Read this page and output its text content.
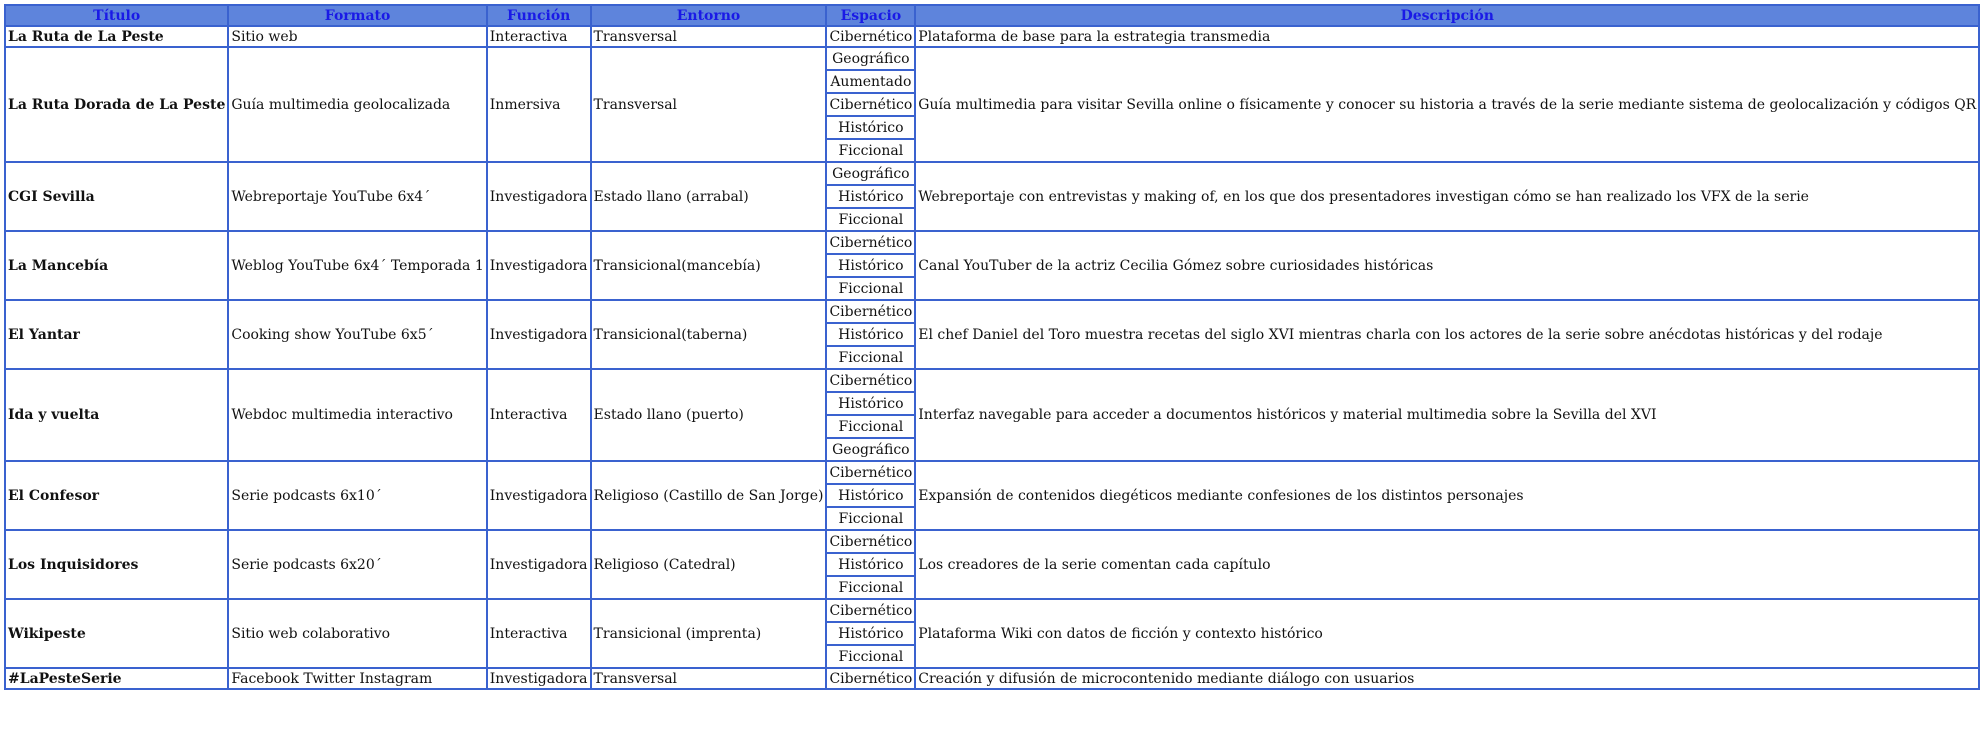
Título	Formato	Función	Entorno	Espacio	Descripción
La Ruta de La Peste	Sitio web	Interactiva	Transversal	Cibernético	Plataforma de base para la estrategia transmedia
La Ruta Dorada de La Peste	Guía multimedia geolocalizada	Inmersiva	Transversal	Geográfico	Guía multimedia para visitar Sevilla online o físicamente y conocer su historia a través de la serie mediante sistema de geolocalización y códigos QR
				Aumentado	
				Cibernético	
				Histórico	
				Ficcional	
CGI Sevilla	Webreportaje YouTube 6x4´	Investigadora	Estado llano (arrabal)	Geográfico	Webreportaje con entrevistas y making of, en los que dos presentadores investigan cómo se han realizado los VFX de la serie
				Histórico	
				Ficcional	
La Mancebía	Weblog YouTube 6x4´ Temporada 1	Investigadora	Transicional(mancebía)	Cibernético	Canal YouTuber de la actriz Cecilia Gómez sobre curiosidades históricas
				Histórico	
				Ficcional	
El Yantar	Cooking show YouTube 6x5´	Investigadora	Transicional(taberna)	Cibernético	El chef Daniel del Toro muestra recetas del siglo XVI mientras charla con los actores de la serie sobre anécdotas históricas y del rodaje
				Histórico	
				Ficcional	
Ida y vuelta	Webdoc multimedia interactivo	Interactiva	Estado llano (puerto)	Cibernético	Interfaz navegable para acceder a documentos históricos y material multimedia sobre la Sevilla del XVI
				Histórico	
				Ficcional	
				Geográfico	
El Confesor	Serie podcasts 6x10´	Investigadora	Religioso (Castillo de San Jorge)	Cibernético	Expansión de contenidos diegéticos mediante confesiones de los distintos personajes
				Histórico	
				Ficcional	
Los Inquisidores	Serie podcasts 6x20´	Investigadora	Religioso (Catedral)	Cibernético	Los creadores de la serie comentan cada capítulo
				Histórico	
				Ficcional	
Wikipeste	Sitio web colaborativo	Interactiva	Transicional (imprenta)	Cibernético	Plataforma Wiki con datos de ficción y contexto histórico
				Histórico	
				Ficcional	
#LaPesteSerie	Facebook Twitter Instagram	Investigadora	Transversal	Cibernético	Creación y difusión de microcontenido mediante diálogo con usuarios
